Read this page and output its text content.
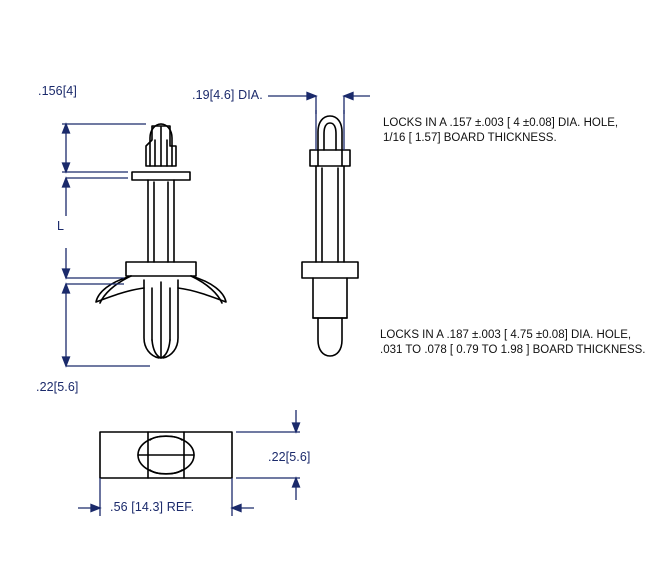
.156[4]	.19[4.6] DIA.
L
.22[5.6]
.22[5.6]
.56 [14.3] REF.
LOCKS IN A .157 ±.003 [ 4 ±0.08] DIA. HOLE,
1/16 [ 1.57] BOARD THICKNESS.
LOCKS IN A .187 ±.003 [ 4.75 ±0.08] DIA. HOLE,
.031 TO .078 [ 0.79 TO 1.98 ] BOARD THICKNESS.
